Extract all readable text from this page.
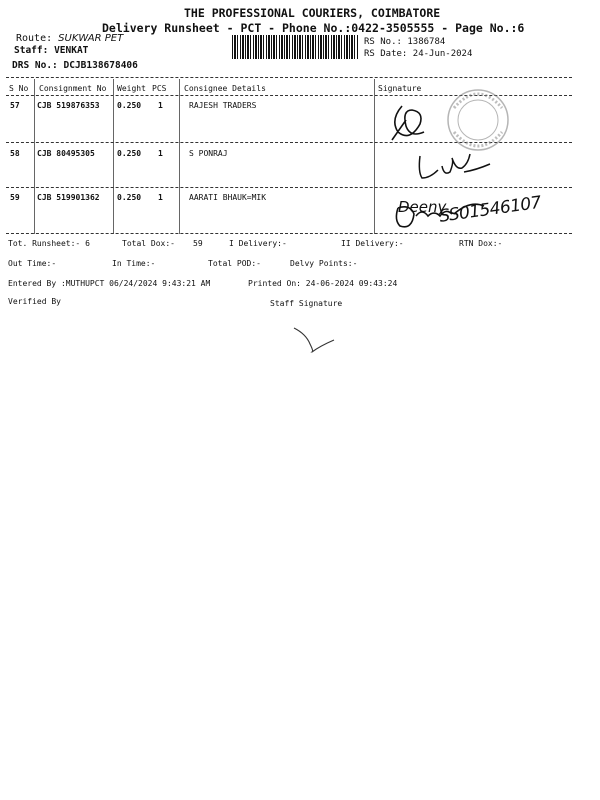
THE PROFESSIONAL COURIERS, COIMBATORE
Delivery Runsheet - PCT - Phone No.:0422-3505555 - Page No.:6
Route: SUKWAR PET
Staff: VENKAT
DRS No.: DCJB138678406
RS No.: 1386784
RS Date: 24-Jun-2024
S No Consignment No Weight PCS Consignee Details	Signature
57 CJB 519876353 0.250 1	RAJESH TRADERS
58 CJB 80495305	0.250 1	S PONRAJ
59 CJB 519901362 0.250 1	AARATI BHAUK=MIK
Deeny
SS01546107
Tot. Runsheet:- 6	Total Dox:- 59	I Delivery:-	II Delivery:-	RTN Dox:-
Out Time:-	In Time:-	Total POD:-	Delvy Points:-
Entered By :MUTHUPCT 06/24/2024 9:43:21 AM	Printed On: 24-06-2024 09:43:24
Verified By	Staff Signature
